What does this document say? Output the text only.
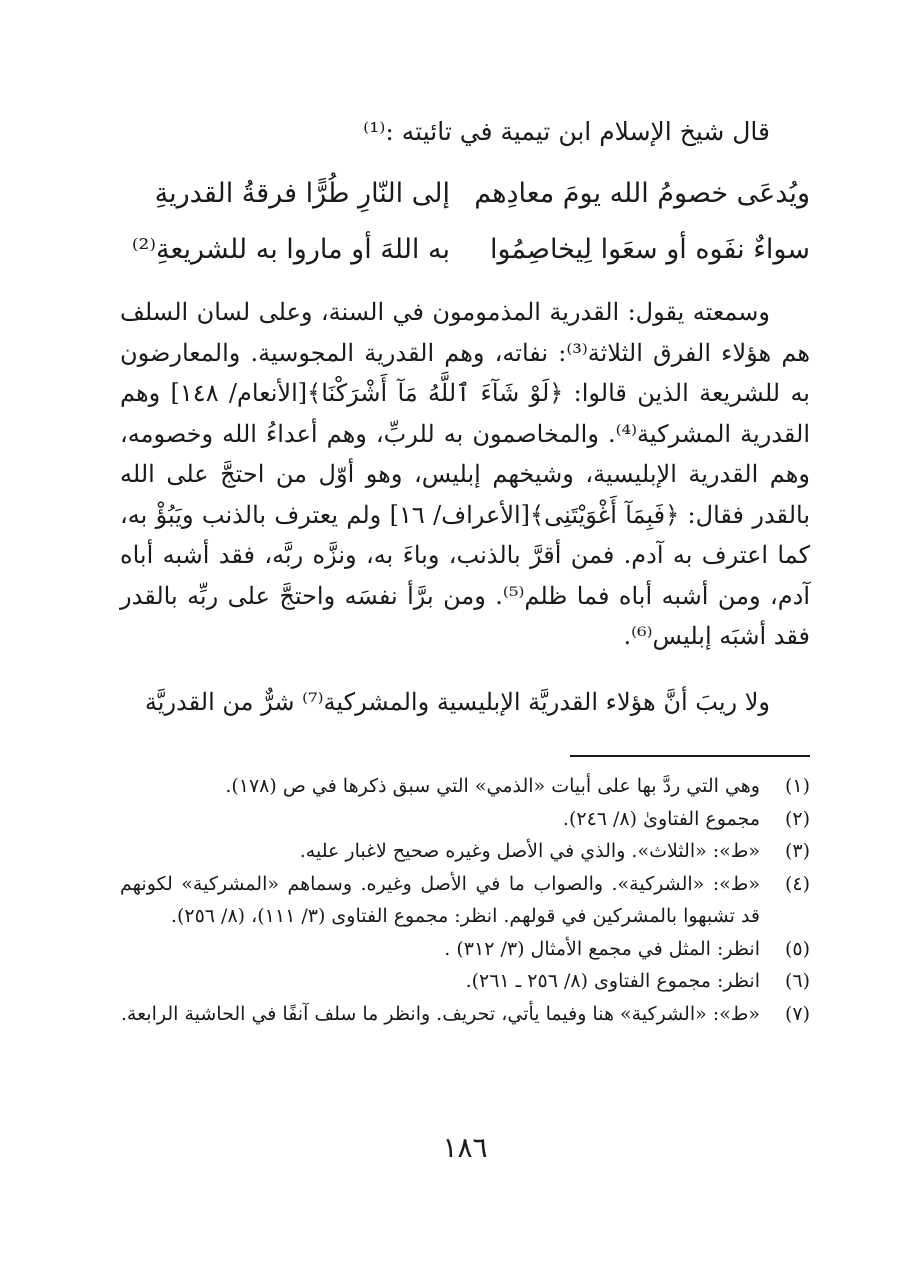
قال شيخ الإسلام ابن تيمية في تائيته :⁽¹⁾
ويُدعَى خصومُ الله يومَ معادِهم
إلى النّارِ طُرًّا فرقةُ القدريةِ
سواءٌ نفَوه أو سعَوا لِيخاصِمُوا
به اللهَ أو ماروا به للشريعةِ⁽²⁾
وسمعته يقول: القدرية المذمومون في السنة، وعلى لسان السلف هم هؤلاء الفرق الثلاثة⁽³⁾: نفاته، وهم القدرية المجوسية. والمعارضون به للشريعة الذين قالوا: ﴿لَوْ شَآءَ ٱللَّهُ مَآ أَشْرَكْنَا﴾[الأنعام/ ١٤٨] وهم القدرية المشركية⁽⁴⁾. والمخاصمون به للربِّ، وهم أعداءُ الله وخصومه، وهم القدرية الإبليسية، وشيخهم إبليس، وهو أوّل من احتجَّ على الله بالقدر فقال: ﴿فَبِمَآ أَغْوَيْتَنِى﴾[الأعراف/ ١٦] ولم يعترف بالذنب ويَبُؤْ به، كما اعترف به آدم. فمن أقرَّ بالذنب، وباءَ به، ونزَّه ربَّه، فقد أشبه أباه آدم، ومن أشبه أباه فما ظلم⁽⁵⁾. ومن برَّأ نفسَه واحتجَّ على ربِّه بالقدر فقد أشبَه إبليس⁽⁶⁾.
ولا ريبَ أنَّ هؤلاء القدريَّة الإبليسية والمشركية⁽⁷⁾ شرٌّ من القدريَّة
(١)
وهي التي ردَّ بها على أبيات «الذمي» التي سبق ذكرها في ص (١٧٨).
(٢)
مجموع الفتاوىٰ (٨/ ٢٤٦).
(٣)
«ط»: «الثلاث». والذي في الأصل وغيره صحيح لاغبار عليه.
(٤)
«ط»: «الشركية». والصواب ما في الأصل وغيره. وسماهم «المشركية» لكونهم قد تشبهوا بالمشركين في قولهم. انظر: مجموع الفتاوى (٣/ ١١١)، (٨/ ٢٥٦).
(٥)
انظر: المثل في مجمع الأمثال (٣/ ٣١٢) .
(٦)
انظر: مجموع الفتاوى (٨/ ٢٥٦ ـ ٢٦١).
(٧)
«ط»: «الشركية» هنا وفيما يأتي، تحريف. وانظر ما سلف آنفًا في الحاشية الرابعة.
١٨٦
